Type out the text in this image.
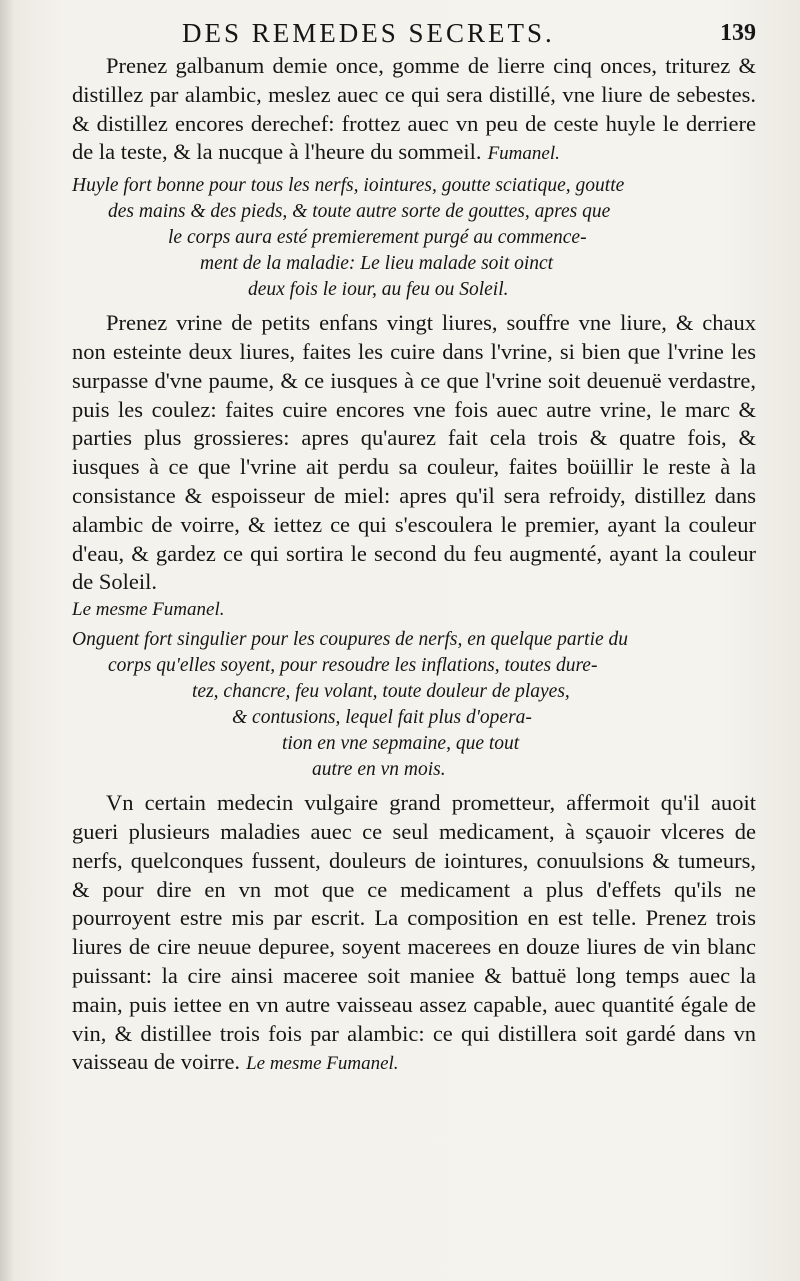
DES REMEDES SECRETS.	139

Prenez galbanum demie once, gomme de lierre cinq onces, triturez & distillez par alambic, meslez auec ce qui sera distillé, vne liure de sebestes. & distillez encores derechef: frottez auec vn peu de ceste huyle le derriere de la teste, & la nucque à l'heure du sommeil. Fumanel.

Huyle fort bonne pour tous les nerfs, iointures, goutte sciatique, goutte
des mains & des pieds, & toute autre sorte de gouttes, apres que
le corps aura esté premierement purgé au commence-
ment de la maladie: Le lieu malade soit oinct
deux fois le iour, au feu ou Soleil.

Prenez vrine de petits enfans vingt liures, souffre vne liure, & chaux non esteinte deux liures, faites les cuire dans l'vrine, si bien que l'vrine les surpasse d'vne paume, & ce iusques à ce que l'vrine soit deuenuë verdastre, puis les coulez: faites cuire encores vne fois auec autre vrine, le marc & parties plus grossieres: apres qu'aurez fait cela trois & quatre fois, & iusques à ce que l'vrine ait perdu sa couleur, faites boüillir le reste à la consistance & espoisseur de miel: apres qu'il sera refroidy, distillez dans alambic de voirre, & iettez ce qui s'escoulera le premier, ayant la couleur d'eau, & gardez ce qui sortira le second du feu augmenté, ayant la couleur de Soleil.

Le mesme Fumanel.

Onguent fort singulier pour les coupures de nerfs, en quelque partie du
corps qu'elles soyent, pour resoudre les inflations, toutes dure-
tez, chancre, feu volant, toute douleur de playes,
& contusions, lequel fait plus d'opera-
tion en vne sepmaine, que tout
autre en vn mois.

Vn certain medecin vulgaire grand prometteur, affermoit qu'il auoit gueri plusieurs maladies auec ce seul medicament, à sçauoir vlceres de nerfs, quelconques fussent, douleurs de iointures, conuulsions & tumeurs, & pour dire en vn mot que ce medicament a plus d'effets qu'ils ne pourroyent estre mis par escrit. La composition en est telle. Prenez trois liures de cire neuue depuree, soyent macerees en douze liures de vin blanc puissant: la cire ainsi maceree soit maniee & battuë long temps auec la main, puis iettee en vn autre vaisseau assez capable, auec quantité égale de vin, & distillee trois fois par alambic: ce qui distillera soit gardé dans vn vaisseau de voirre. Le mesme Fumanel.
